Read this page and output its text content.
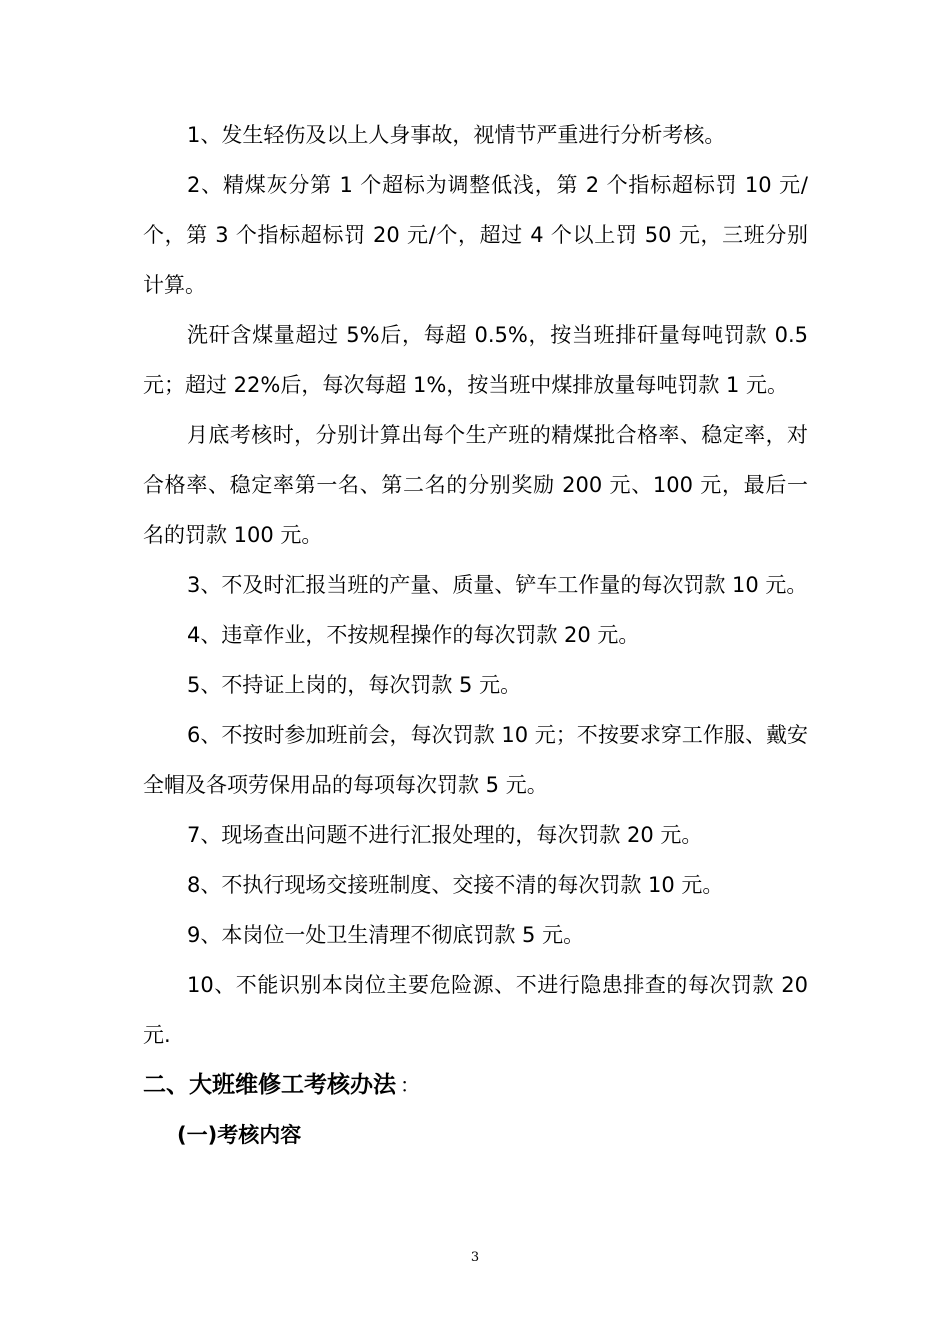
1、发生轻伤及以上人身事故，视情节严重进行分析考核。

2、精煤灰分第 1 个超标为调整低浅，第 2 个指标超标罚 10 元/个，第 3 个指标超标罚 20 元/个，超过 4 个以上罚 50 元，三班分别计算。

洗矸含煤量超过 5%后，每超 0.5%，按当班排矸量每吨罚款 0.5 元；超过 22%后，每次每超 1%，按当班中煤排放量每吨罚款 1 元。

月底考核时，分别计算出每个生产班的精煤批合格率、稳定率，对合格率、稳定率第一名、第二名的分别奖励 200 元、100 元，最后一名的罚款 100 元。

3、不及时汇报当班的产量、质量、铲车工作量的每次罚款 10 元。

4、违章作业，不按规程操作的每次罚款 20 元。

5、不持证上岗的，每次罚款 5 元。

6、不按时参加班前会，每次罚款 10 元；不按要求穿工作服、戴安全帽及各项劳保用品的每项每次罚款 5 元。

7、现场查出问题不进行汇报处理的，每次罚款 20 元。

8、不执行现场交接班制度、交接不清的每次罚款 10 元。

9、本岗位一处卫生清理不彻底罚款 5 元。

10、不能识别本岗位主要危险源、不进行隐患排查的每次罚款 20 元.

二、大班维修工考核办法 ：
(一)考核内容
3
